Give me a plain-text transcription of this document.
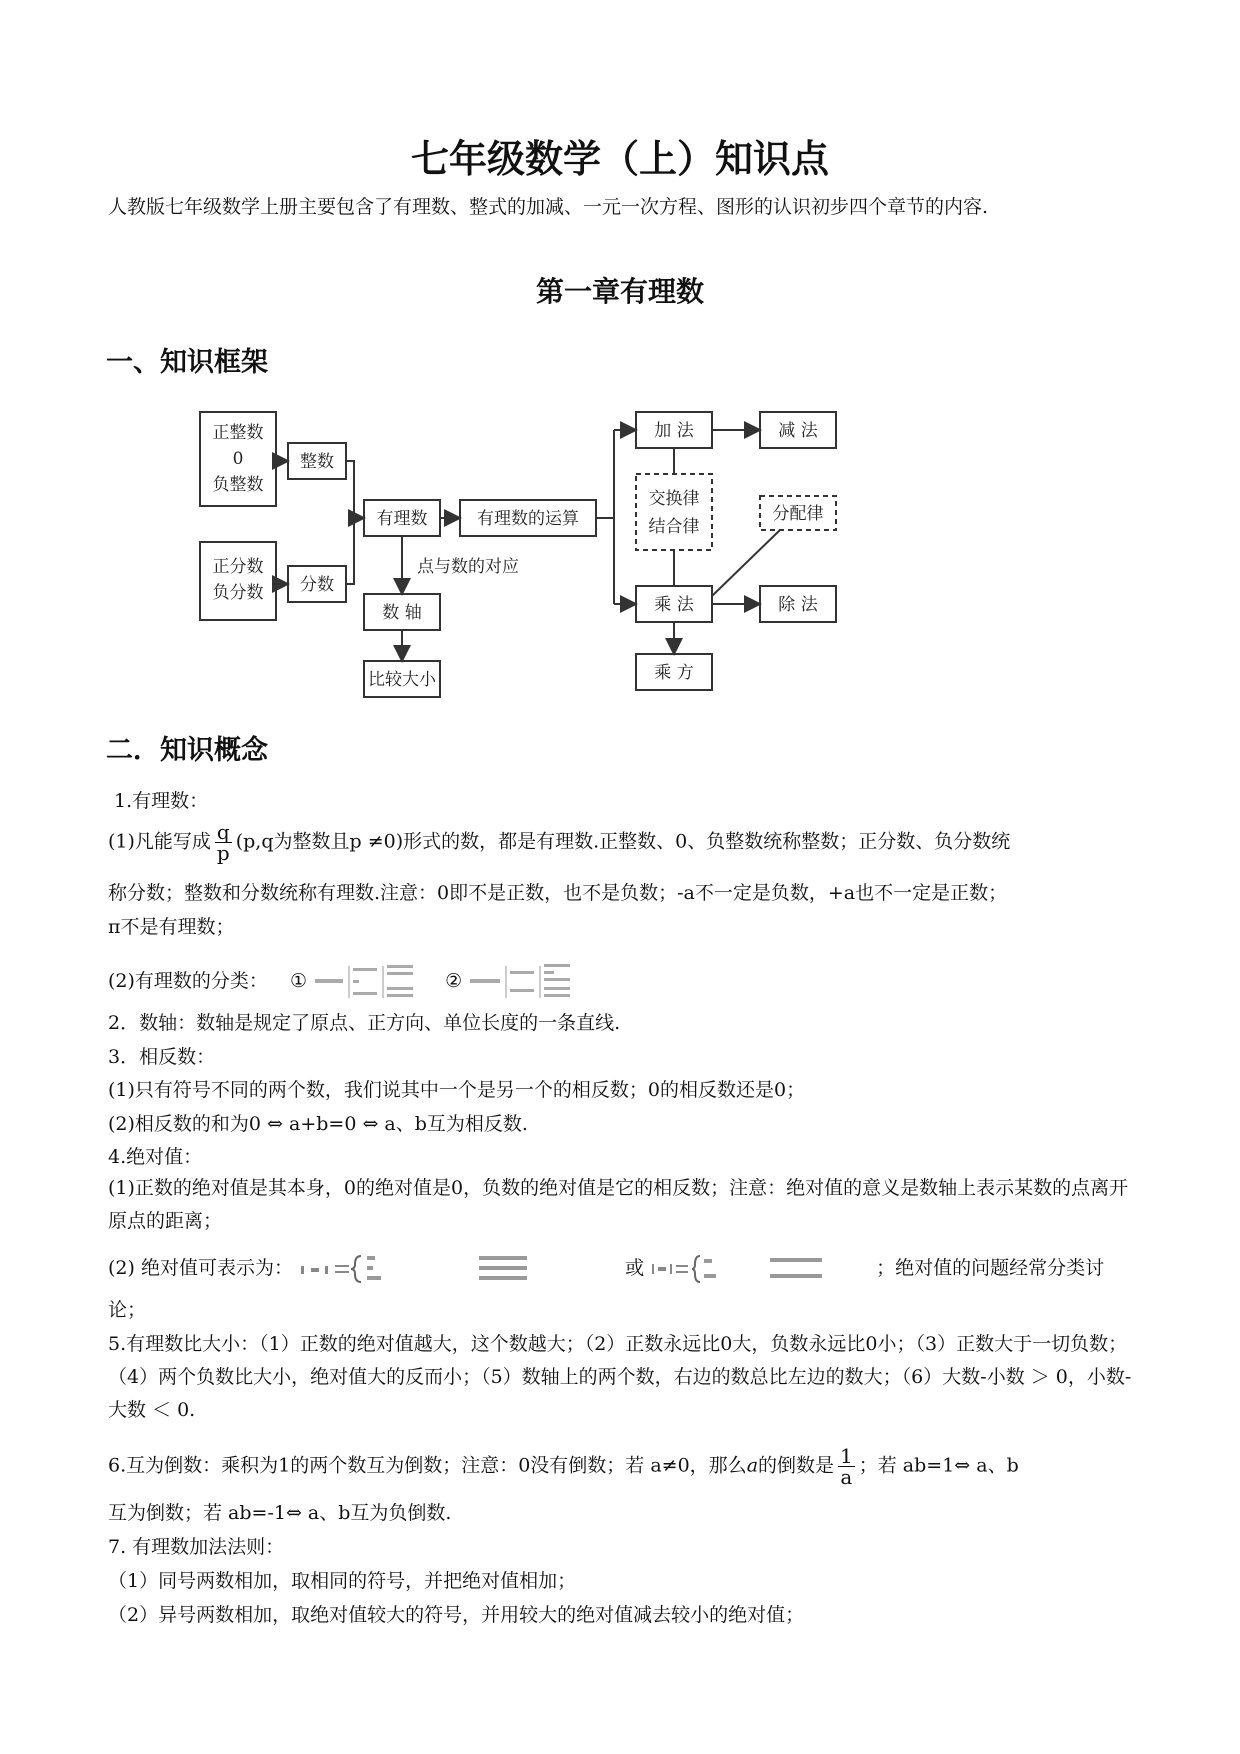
七年级数学（上）知识点
人教版七年级数学上册主要包含了有理数、整式的加减、一元一次方程、图形的认识初步四个章节的内容.
第一章有理数
一、知识框架
正整数
0
负整数
整数
正分数
负分数 分数
有理数	有理数的运算
点与数的对应
数 轴
比较大小
加 法	减 法
交换律
结合律
分配律
乘 法	除 法
乘 方
二．知识概念
1.有理数：
(1)凡能写成 $\frac{q}{p} (p,q$为整数且p ≠0)形式的数，都是有理数.正整数、0、负整数统称整数；正分数、负分数统
称分数；整数和分数统称有理数.注意：0即不是正数，也不是负数；-a不一定是负数，+a也不一定是正数；
π不是有理数；
(2)有理数的分类： ①	②
2．数轴：数轴是规定了原点、正方向、单位长度的一条直线.
3．相反数：
(1)只有符号不同的两个数，我们说其中一个是另一个的相反数；0的相反数还是0；
(2)相反数的和为0 ⇔ a+b=0 ⇔ a、b互为相反数.
4.绝对值：
(1)正数的绝对值是其本身，0的绝对值是0，负数的绝对值是它的相反数；注意：绝对值的意义是数轴上表示某数的点离开原点的距离；
(2) 绝对值可表示为：	或	；绝对值的问题经常分类讨
论；
5.有理数比大小：（1）正数的绝对值越大，这个数越大；（2）正数永远比0大，负数永远比0小；（3）正数大于一切负数；（4）两个负数比大小，绝对值大的反而小；（5）数轴上的两个数，右边的数总比左边的数大；（6）大数-小数 ＞ 0，小数-大数 ＜ 0.
6.互为倒数：乘积为1的两个数互为倒数；注意：0没有倒数；若 a≠0，那么a的倒数是 $\frac{1}{a}$ ；若 ab=1⇔ a、b
互为倒数；若 ab=-1⇔ a、b互为负倒数.
7. 有理数加法法则：
（1）同号两数相加，取相同的符号，并把绝对值相加；
（2）异号两数相加，取绝对值较大的符号，并用较大的绝对值减去较小的绝对值；
